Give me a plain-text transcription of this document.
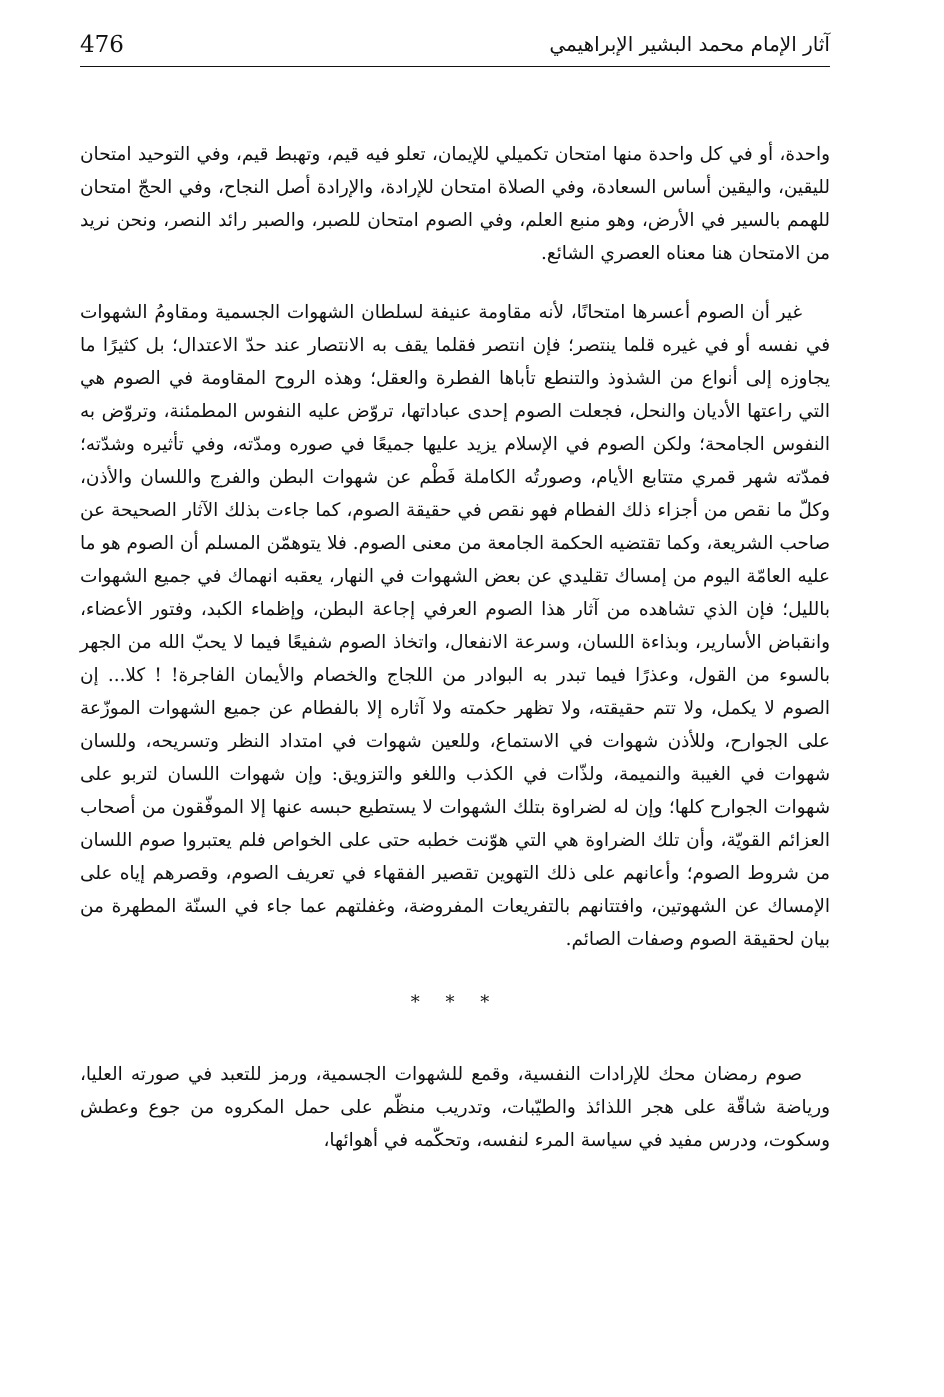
476	آثار الإمام محمد البشير الإبراهيمي

واحدة، أو في كل واحدة منها امتحان تكميلي للإيمان، تعلو فيه قيم، وتهبط قيم، وفي التوحيد امتحان لليقين، واليقين أساس السعادة، وفي الصلاة امتحان للإرادة، والإرادة أصل النجاح، وفي الحجّ امتحان للهمم بالسير في الأرض، وهو منبع العلم، وفي الصوم امتحان للصبر، والصبر رائد النصر، ونحن نريد من الامتحان هنا معناه العصري الشائع.

غير أن الصوم أعسرها امتحانًا، لأنه مقاومة عنيفة لسلطان الشهوات الجسمية ومقاومُ الشهوات في نفسه أو في غيره قلما ينتصر؛ فإن انتصر فقلما يقف به الانتصار عند حدّ الاعتدال؛ بل كثيرًا ما يجاوزه إلى أنواع من الشذوذ والتنطع تأباها الفطرة والعقل؛ وهذه الروح المقاومة في الصوم هي التي راعتها الأديان والنحل، فجعلت الصوم إحدى عباداتها، تروّض عليه النفوس المطمئنة، وتروّض به النفوس الجامحة؛ ولكن الصوم في الإسلام يزيد عليها جميعًا في صوره ومدّته، وفي تأثيره وشدّته؛ فمدّته شهر قمري متتابع الأيام، وصورتُه الكاملة فَطْم عن شهوات البطن والفرج واللسان والأذن، وكلّ ما نقص من أجزاء ذلك الفطام فهو نقص في حقيقة الصوم، كما جاءت بذلك الآثار الصحيحة عن صاحب الشريعة، وكما تقتضيه الحكمة الجامعة من معنى الصوم. فلا يتوهمّن المسلم أن الصوم هو ما عليه العامّة اليوم من إمساك تقليدي عن بعض الشهوات في النهار، يعقبه انهماك في جميع الشهوات بالليل؛ فإن الذي تشاهده من آثار هذا الصوم العرفي إجاعة البطن، وإظماء الكبد، وفتور الأعضاء، وانقباض الأسارير، وبذاءة اللسان، وسرعة الانفعال، واتخاذ الصوم شفيعًا فيما لا يحبّ الله من الجهر بالسوء من القول، وعذرًا فيما تبدر به البوادر من اللجاج والخصام والأيمان الفاجرة! ! كلا... إن الصوم لا يكمل، ولا تتم حقيقته، ولا تظهر حكمته ولا آثاره إلا بالفطام عن جميع الشهوات الموزّعة على الجوارح، وللأذن شهوات في الاستماع، وللعين شهوات في امتداد النظر وتسريحه، وللسان شهوات في الغيبة والنميمة، ولذّات في الكذب واللغو والتزويق: وإن شهوات اللسان لتربو على شهوات الجوارح كلها؛ وإن له لضراوة بتلك الشهوات لا يستطيع حبسه عنها إلا الموفّقون من أصحاب العزائم القويّة، وأن تلك الضراوة هي التي هوّنت خطبه حتى على الخواص فلم يعتبروا صوم اللسان من شروط الصوم؛ وأعانهم على ذلك التهوين تقصير الفقهاء في تعريف الصوم، وقصرهم إياه على الإمساك عن الشهوتين، وافتتانهم بالتفريعات المفروضة، وغفلتهم عما جاء في السنّة المطهرة من بيان لحقيقة الصوم وصفات الصائم.

* * *

صوم رمضان محك للإرادات النفسية، وقمع للشهوات الجسمية، ورمز للتعبد في صورته العليا، ورياضة شاقّة على هجر اللذائذ والطيّبات، وتدريب منظّم على حمل المكروه من جوع وعطش وسكوت، ودرس مفيد في سياسة المرء لنفسه، وتحكّمه في أهوائها،
